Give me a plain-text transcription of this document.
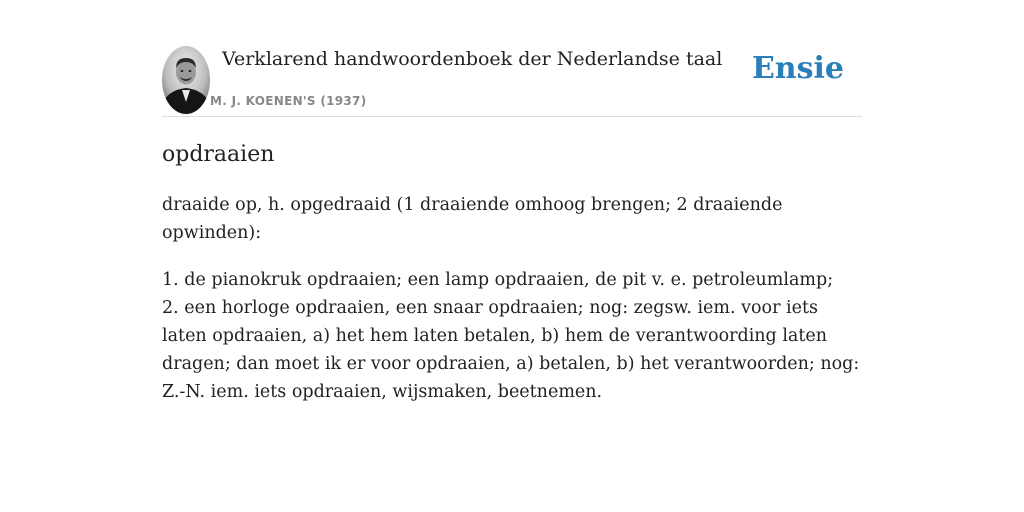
Verklarend handwoordenboek der Nederlandse taal
M. J. KOENEN'S (1937)
Ensie
opdraaien

draaide op, h. opgedraaid (1 draaiende omhoog brengen; 2 draaiende opwinden):

1. de pianokruk opdraaien; een lamp opdraaien, de pit v. e. petroleumlamp;
2. een horloge opdraaien, een snaar opdraaien; nog: zegsw. iem. voor iets laten opdraaien, a) het hem laten betalen, b) hem de verantwoording laten dragen; dan moet ik er voor opdraaien, a) betalen, b) het verantwoorden; nog: Z.-N. iem. iets opdraaien, wijsmaken, beetnemen.
